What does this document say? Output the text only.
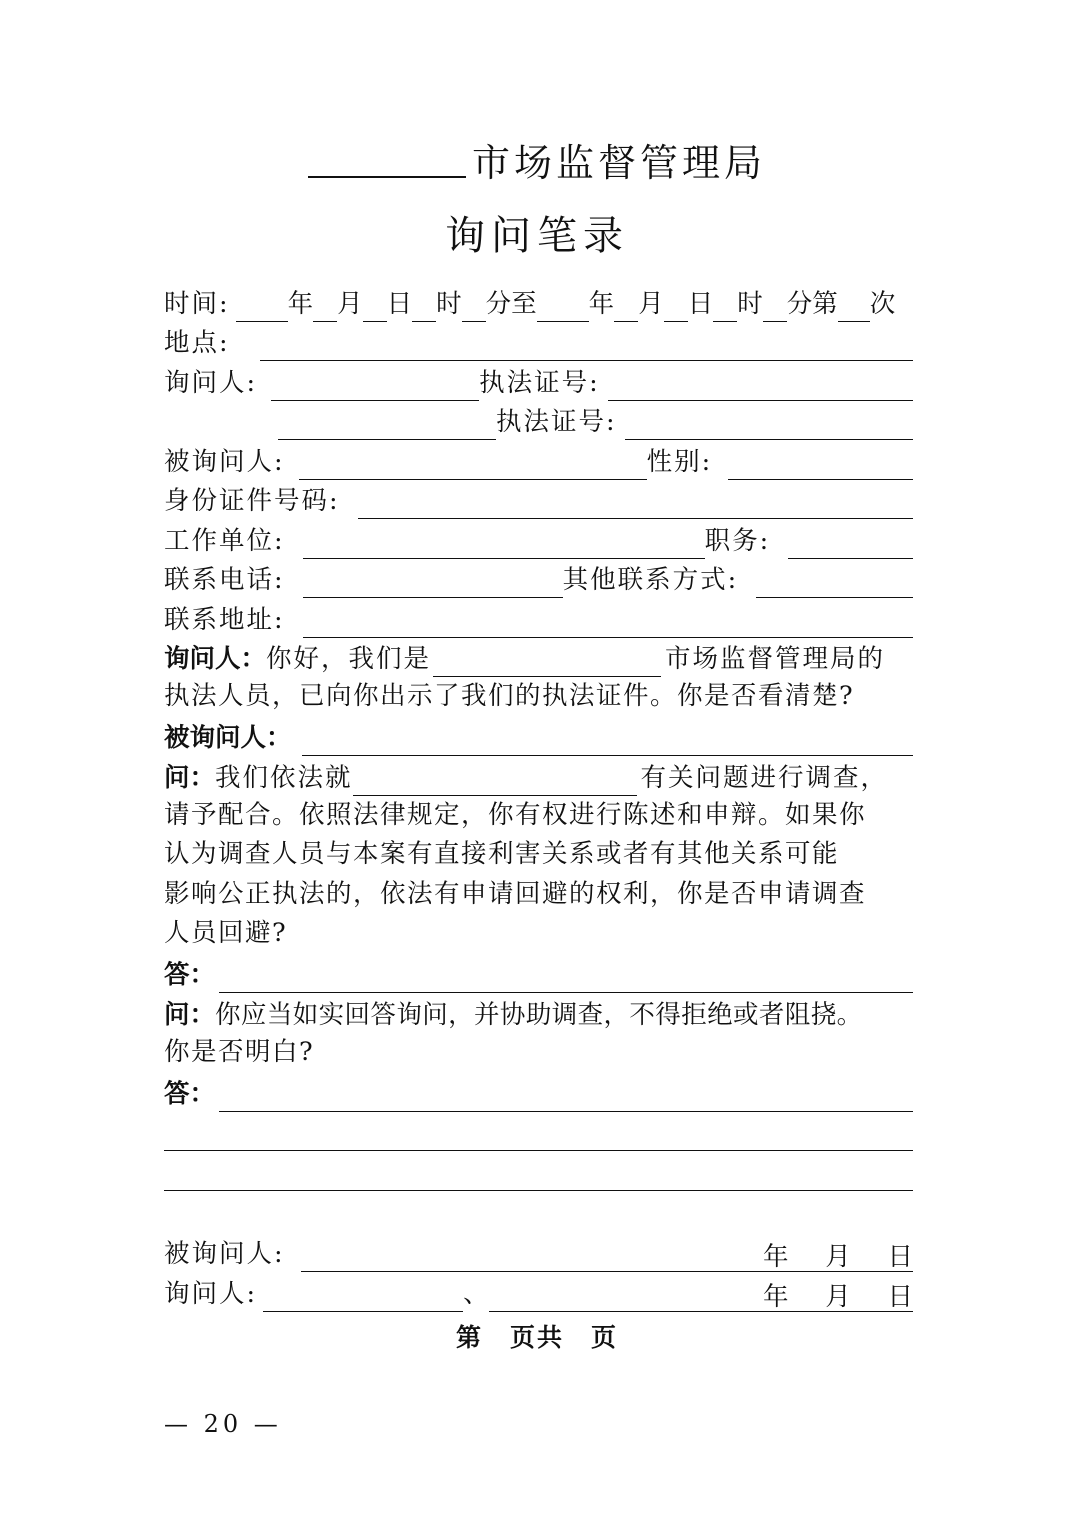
市场监督管理局
询问笔录
时间: 年 月 日 时 分至 年 月 日 时 分第 次
地点:
询问人:	执法证号:
执法证号:
被询问人:	性别:
身份证件号码:
工作单位:	职务:
联系电话:	其他联系方式:
联系地址:
询问人： 你好，我们是	市场监督管理局的
执法人员，已向你出示了我们的执法证件。你是否看清楚?
被询问人：
问： 我们依法就	有关问题进行调查，
请予配合。依照法律规定，你有权进行陈述和申辩。如果你
认为调查人员与本案有直接利害关系或者有其他关系可能
影响公正执法的，依法有申请回避的权利，你是否申请调查
人员回避?
答：
问： 你应当如实回答询问，并协助调查，不得拒绝或者阻挠。
你是否明白?
答：
被询问人:	年 月 日
询问人:	、	年 月 日
第　页共　页
— 20 —
